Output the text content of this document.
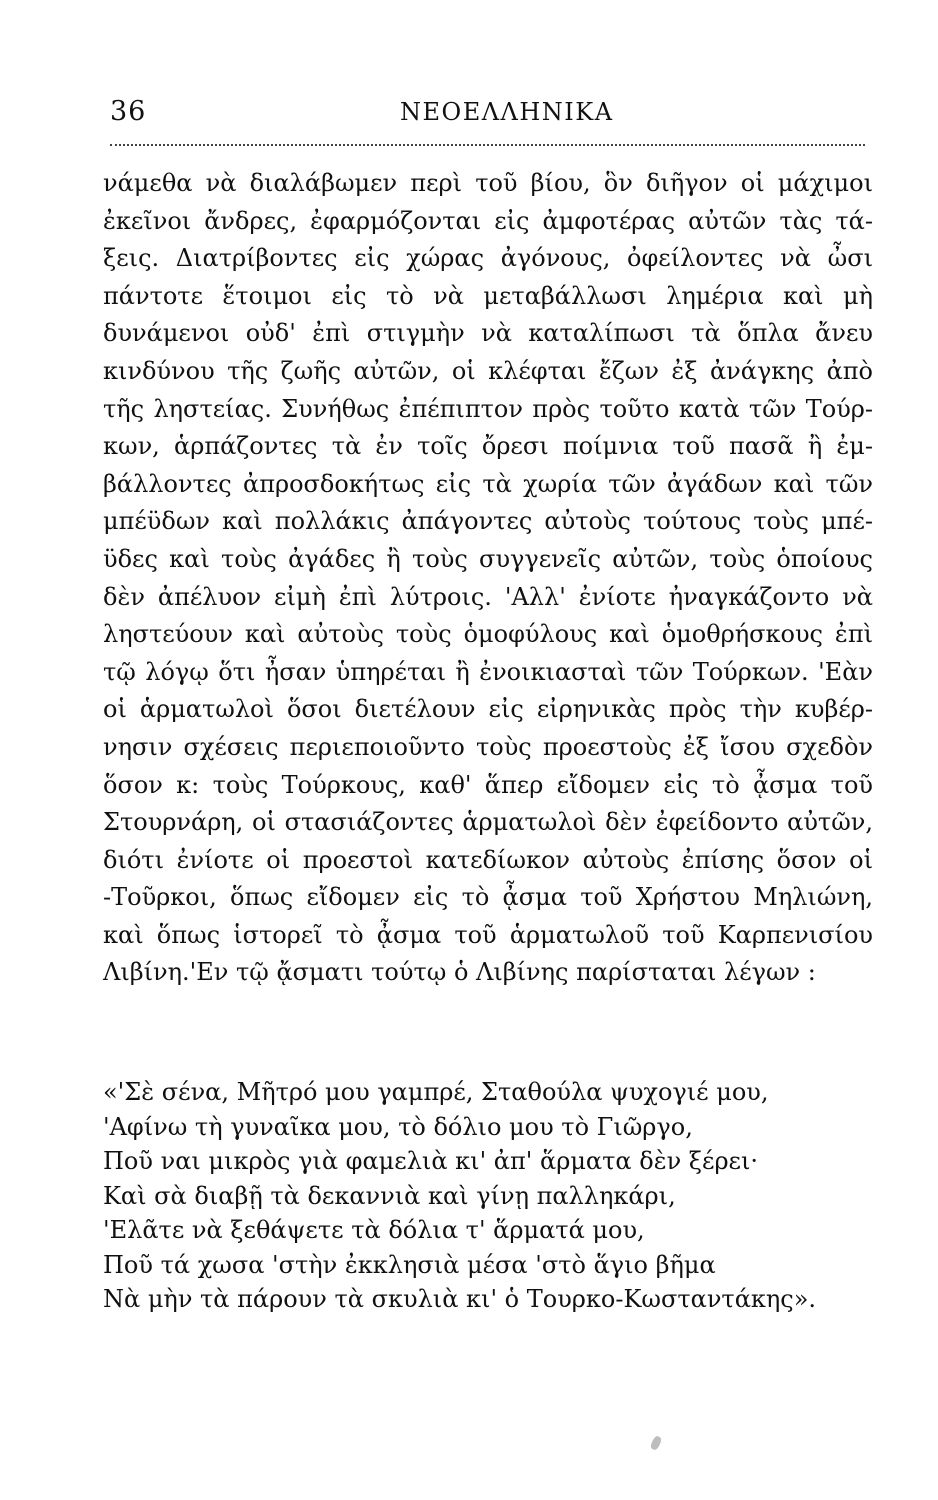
36	ΝΕΟΕΛΛΗΝΙΚΑ
νάμεθα νὰ διαλάβωμεν περὶ τοῦ βίου, ὃν διῆγον οἱ μάχιμοι
ἐκεῖνοι ἄνδρες, ἐφαρμόζονται εἰς ἀμφοτέρας αὐτῶν τὰς τά-
ξεις. Διατρίβοντες εἰς χώρας ἀγόνους, ὀφείλοντες νὰ ὦσι
πάντοτε ἕτοιμοι εἰς τὸ νὰ μεταβάλλωσι λημέρια καὶ μὴ
δυνάμενοι οὐδ' ἐπὶ στιγμὴν νὰ καταλίπωσι τὰ ὅπλα ἄνευ
κινδύνου τῆς ζωῆς αὐτῶν, οἱ κλέφται ἔζων ἐξ ἀνάγκης ἀπὸ
τῆς ληστείας. Συνήθως ἐπέπιπτον πρὸς τοῦτο κατὰ τῶν Τούρ-
κων, ἁρπάζοντες τὰ ἐν τοῖς ὄρεσι ποίμνια τοῦ πασᾶ ἢ ἐμ-
βάλλοντες ἀπροσδοκήτως εἰς τὰ χωρία τῶν ἀγάδων καὶ τῶν
μπέϋδων καὶ πολλάκις ἀπάγοντες αὐτοὺς τούτους τοὺς μπέ-
ϋδες καὶ τοὺς ἀγάδες ἢ τοὺς συγγενεῖς αὐτῶν, τοὺς ὁποίους
δὲν ἀπέλυον εἰμὴ ἐπὶ λύτροις. 'Αλλ' ἐνίοτε ἠναγκάζοντο νὰ
ληστεύουν καὶ αὐτοὺς τοὺς ὁμοφύλους καὶ ὁμοθρήσκους ἐπὶ
τῷ λόγῳ ὅτι ἦσαν ὑπηρέται ἢ ἐνοικιασταὶ τῶν Τούρκων. 'Εὰν
οἱ ἁρματωλοὶ ὅσοι διετέλουν εἰς εἰρηνικὰς πρὸς τὴν κυβέρ-
νησιν σχέσεις περιεποιοῦντο τοὺς προεστοὺς ἐξ ἴσου σχεδὸν
ὅσον κ: τοὺς Τούρκους, καθ' ἅπερ εἴδομεν εἰς τὸ ᾆσμα τοῦ
Στουρνάρη, οἱ στασιάζοντες ἁρματωλοὶ δὲν ἐφείδοντο αὐτῶν,
διότι ἐνίοτε οἱ προεστοὶ κατεδίωκον αὐτοὺς ἐπίσης ὅσον οἱ
-Τοῦρκοι, ὅπως εἴδομεν εἰς τὸ ᾆσμα τοῦ Χρήστου Μηλιώνη,
καὶ ὅπως ἱστορεῖ τὸ ᾆσμα τοῦ ἁρματωλοῦ τοῦ Καρπενισίου
Λιβίνη.'Εν τῷ ᾄσματι τούτῳ ὁ Λιβίνης παρίσταται λέγων :
«'Σὲ σένα, Μῆτρό μου γαμπρέ, Σταθούλα ψυχογιέ μου,
'Αφίνω τὴ γυναῖκα μου, τὸ δόλιο μου τὸ Γιῶργο,
Ποῦ ναι μικρὸς γιὰ φαμελιὰ κι' ἀπ' ἅρματα δὲν ξέρει·
Καὶ σὰ διαβῇ τὰ δεκαννιὰ καὶ γίνῃ παλληκάρι,
'Ελᾶτε νὰ ξεθάψετε τὰ δόλια τ' ἅρματά μου,
Ποῦ τά χωσα 'στὴν ἐκκλησιὰ μέσα 'στὸ ἅγιο βῆμα
Νὰ μὴν τὰ πάρουν τὰ σκυλιὰ κι' ὁ Τουρκο-Κωσταντάκης».
